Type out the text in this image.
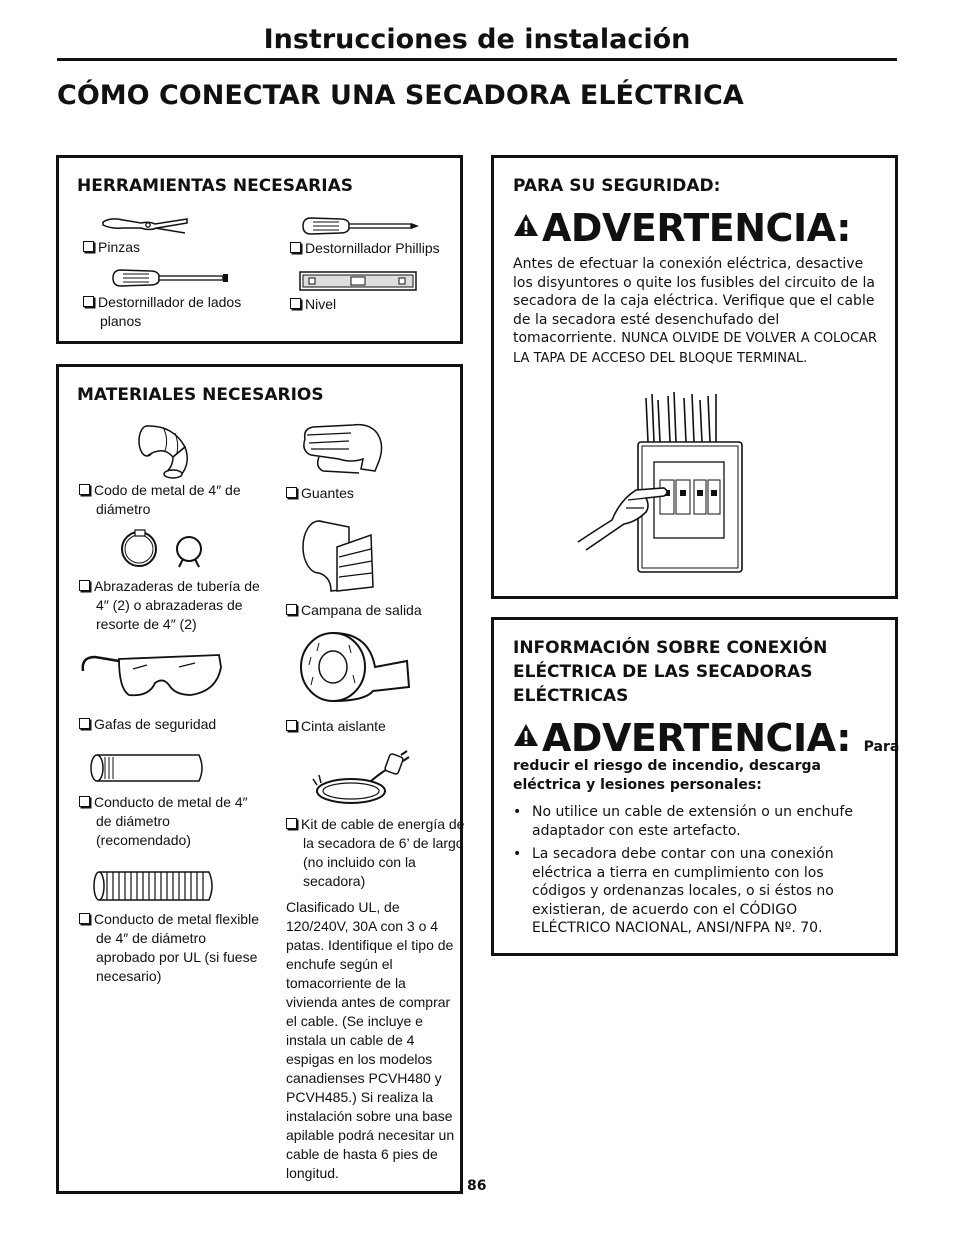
Instrucciones de instalación
CÓMO CONECTAR UNA SECADORA ELÉCTRICA
HERRAMIENTAS NECESARIAS
Pinzas	Destornillador Phillips
Destornillador de lados planos
Nivel
MATERIALES NECESARIOS
Codo de metal de 4″ de diámetro
Guantes
Abrazaderas de tubería de 4″ (2) o abrazaderas de resorte de 4″ (2)
Campana de salida
Gafas de seguridad	Cinta aislante
Conducto de metal de 4″ de diámetro (recomendado)
Kit de cable de energía de la secadora de 6’ de largo (no incluido con la secadora)
Conducto de metal flexible de 4″ de diámetro aprobado por UL (si fuese necesario)
Clasificado UL, de 120/240V, 30A con 3 o 4 patas. Identifique el tipo de enchufe según el tomacorriente de la vivienda antes de comprar el cable. (Se incluye e instala un cable de 4 espigas en los modelos canadienses PCVH480 y PCVH485.) Si realiza la instalación sobre una base apilable podrá necesitar un cable de hasta 6 pies de longitud.
PARA SU SEGURIDAD:
ADVERTENCIA:
Antes de efectuar la conexión eléctrica, desactive los disyuntores o quite los fusibles del circuito de la secadora de la caja eléctrica. Verifique que el cable de la secadora esté desenchufado del tomacorriente. NUNCA OLVIDE DE VOLVER A COLOCAR LA TAPA DE ACCESO DEL BLOQUE TERMINAL.
INFORMACIÓN SOBRE CONEXIÓN ELÉCTRICA DE LAS SECADORAS ELÉCTRICAS
ADVERTENCIA: Para
reducir el riesgo de incendio, descarga eléctrica y lesiones personales:
• No utilice un cable de extensión o un enchufe adaptador con este artefacto.
• La secadora debe contar con una conexión eléctrica a tierra en cumplimiento con los códigos y ordenanzas locales, o si éstos no existieran, de acuerdo con el CÓDIGO ELÉCTRICO NACIONAL, ANSI/NFPA Nº. 70.
86
